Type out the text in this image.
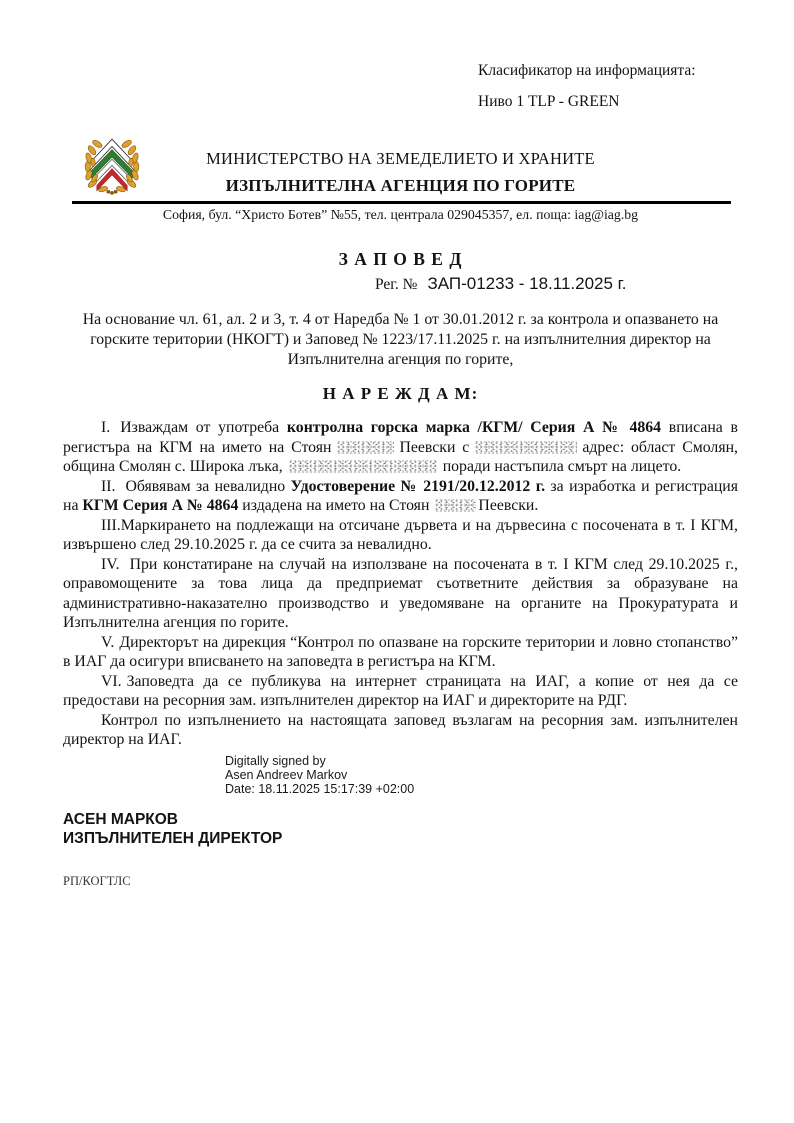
Класификатор на информацията:
Ниво 1 TLP - GREEN
МИНИСТЕРСТВО НА ЗЕМЕДЕЛИЕТО И ХРАНИТЕ
ИЗПЪЛНИТЕЛНА АГЕНЦИЯ ПО ГОРИТЕ
София, бул. “Христо Ботев” №55, тел. централа 029045357, ел. поща: iag@iag.bg
З А П О В Е Д
Рег. № ЗАП-01233 - 18.11.2025 г.
На основание чл. 61, ал. 2 и 3, т. 4 от Наредба № 1 от 30.01.2012 г. за контрола и опазването на горските територии (НКОГТ) и Заповед № 1223/17.11.2025 г. на изпълнителния директор на Изпълнителна агенция по горите,
Н А Р Е Ж Д А М:

I. Изваждам от употреба контролна горска марка /КГМ/ Серия А № 4864 вписана в регистъра на КГМ на името на Стоян	Пеевски с	адрес: област Смолян, община Смолян с. Широка лъка,	поради настъпила смърт на лицето.

II. Обявявам за невалидно Удостоверение № 2191/20.12.2012 г. за изработка и регистрация на КГМ Серия А № 4864 издадена на името на Стоян	Пеевски.

III.Маркирането на подлежащи на отсичане дървета и на дървесина с посочената в т. I КГМ, извършено след 29.10.2025 г. да се счита за невалидно.

IV. При констатиране на случай на използване на посочената в т. I КГМ след 29.10.2025 г., оправомощените за това лица да предприемат съответните действия за образуване на административно-наказателно производство и уведомяване на органите на Прокуратурата и Изпълнителна агенция по горите.

V. Директорът на дирекция “Контрол по опазване на горските територии и ловно стопанство” в ИАГ да осигури вписването на заповедта в регистъра на КГМ.

VI. Заповедта да се публикува на интернет страницата на ИАГ, а копие от нея да се предостави на ресорния зам. изпълнителен директор на ИАГ и директорите на РДГ.

Контрол по изпълнението на настоящата заповед възлагам на ресорния зам. изпълнителен директор на ИАГ.

Digitally signed by
Asen Andreev Markov
Date: 18.11.2025 15:17:39 +02:00
АСЕН МАРКОВ
ИЗПЪЛНИТЕЛЕН ДИРЕКТОР
РП/КОГТЛС
